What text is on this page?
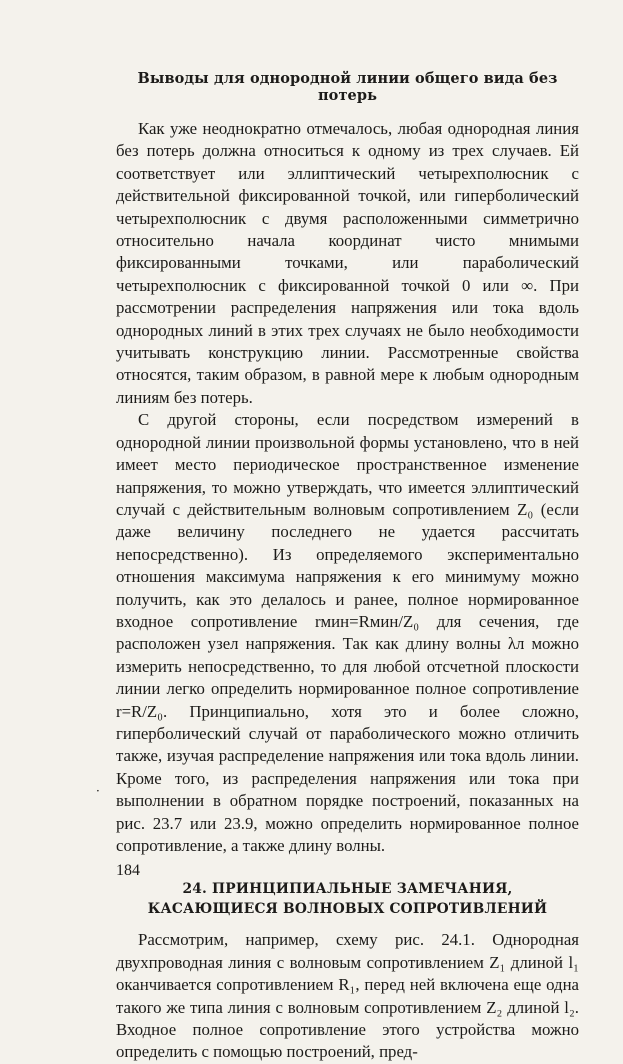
Выводы для однородной линии общего вида без потерь

Как уже неоднократно отмечалось, любая однородная линия без потерь должна относиться к одному из трех случаев. Ей соответствует или эллиптический четырехполюсник с действительной фиксированной точкой, или гиперболический четырехполюсник с двумя расположенными симметрично относительно начала координат чисто мнимыми фиксированными точками, или параболический четырехполюсник с фиксированной точкой 0 или ∞. При рассмотрении распределения напряжения или тока вдоль однородных линий в этих трех случаях не было необходимости учитывать конструкцию линии. Рассмотренные свойства относятся, таким образом, в равной мере к любым однородным линиям без потерь.

С другой стороны, если посредством измерений в однородной линии произвольной формы установлено, что в ней имеет место периодическое пространственное изменение напряжения, то можно утверждать, что имеется эллиптический случай с действительным волновым сопротивлением Z₀ (если даже величину последнего не удается рассчитать непосредственно). Из определяемого экспериментально отношения максимума напряжения к его минимуму можно получить, как это делалось и ранее, полное нормированное входное сопротивление rмин=Rмин/Z₀ для сечения, где расположен узел напряжения. Так как длину волны λл можно измерить непосредственно, то для любой отсчетной плоскости линии легко определить нормированное полное сопротивление r=R/Z₀. Принципиально, хотя это и более сложно, гиперболический случай от параболического можно отличить также, изучая распределение напряжения или тока вдоль линии. Кроме того, из распределения напряжения или тока при выполнении в обратном порядке построений, показанных на рис. 23.7 или 23.9, можно определить нормированное полное сопротивление, а также длину волны.

24. ПРИНЦИПИАЛЬНЫЕ ЗАМЕЧАНИЯ, КАСАЮЩИЕСЯ ВОЛНОВЫХ СОПРОТИВЛЕНИЙ

Рассмотрим, например, схему рис. 24.1. Однородная двухпроводная линия с волновым сопротивлением Z₁ длиной l₁ оканчивается сопротивлением R₁, перед ней включена еще одна такого же типа линия с волновым сопротивлением Z₂ длиной l₂. Входное полное сопротивление этого устройства можно определить с помощью построений, пред-

·
184
